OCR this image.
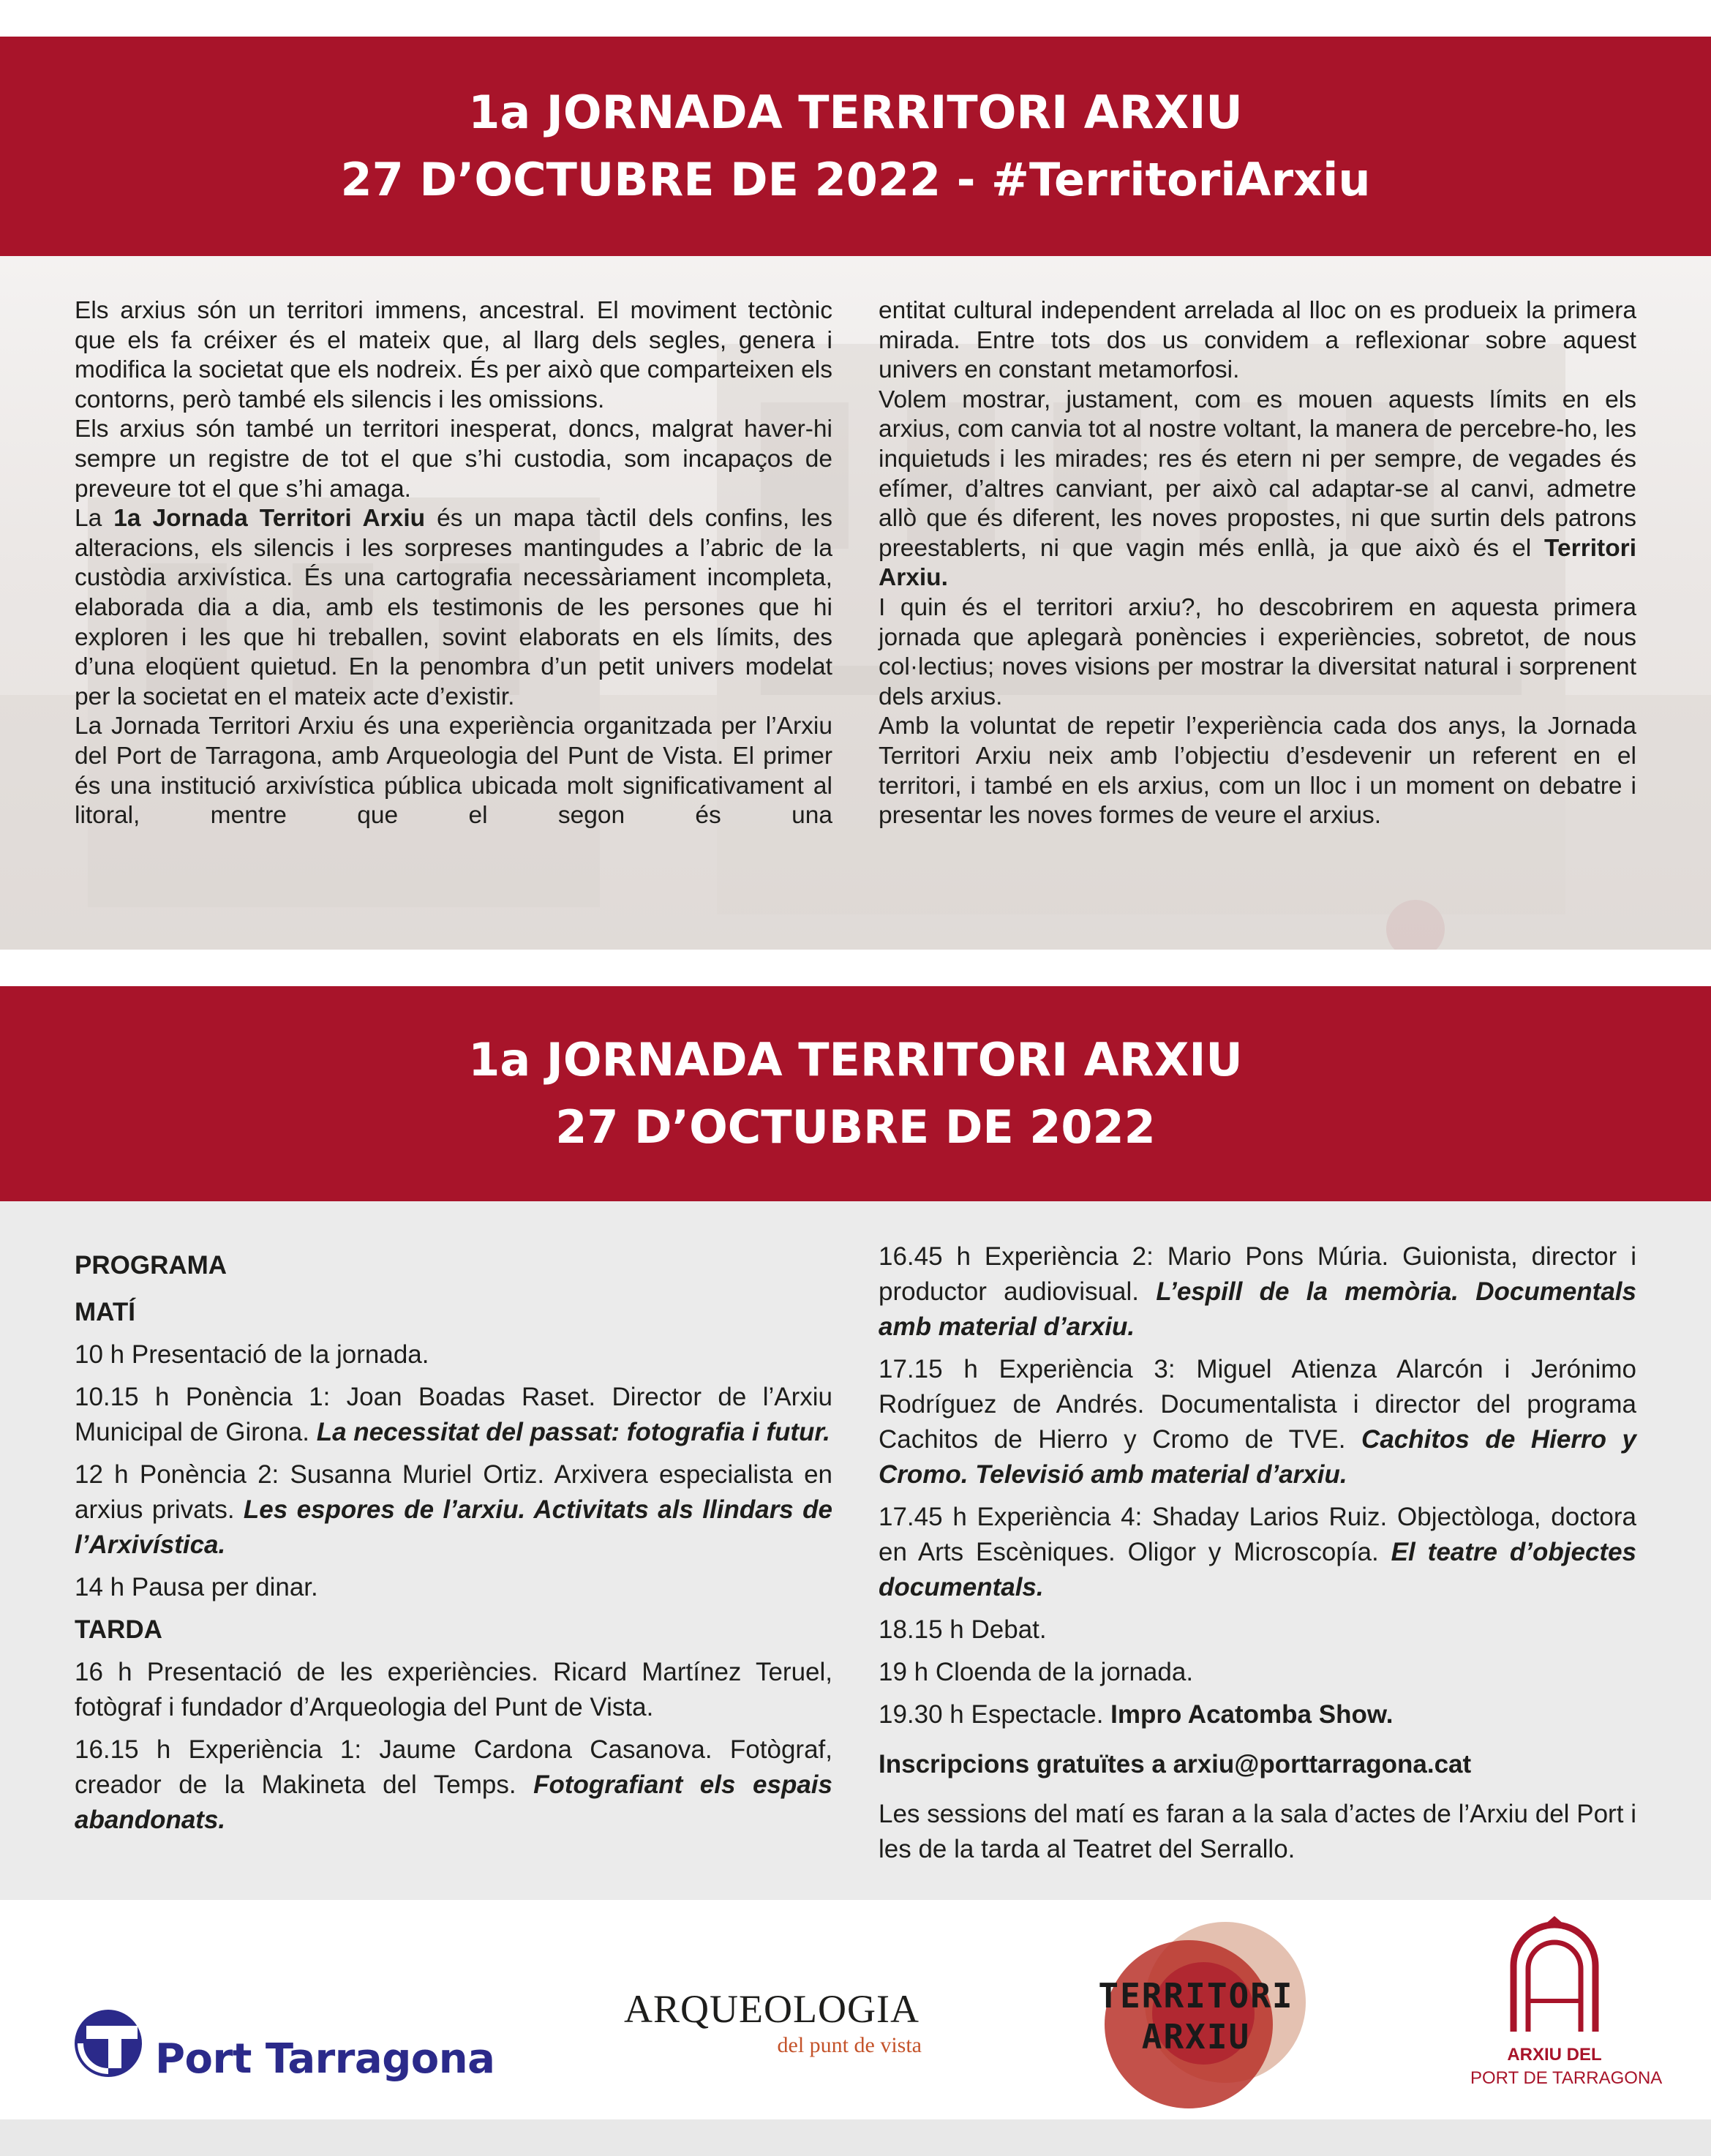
1a JORNADA TERRITORI ARXIU
27 D’OCTUBRE DE 2022 - #TerritoriArxiu

Els arxius són un territori immens, ancestral. El moviment tectònic que els fa créixer és el mateix que, al llarg dels segles, genera i modifica la societat que els nodreix. És per això que comparteixen els contorns, però també els silencis i les omissions.

Els arxius són també un territori inesperat, doncs, malgrat haver-hi sempre un registre de tot el que s’hi custodia, som incapaços de preveure tot el que s’hi amaga.

La 1a Jornada Territori Arxiu és un mapa tàctil dels confins, les alteracions, els silencis i les sorpreses mantingudes a l’abric de la custòdia arxivística. És una cartografia necessàriament incompleta, elaborada dia a dia, amb els testimonis de les persones que hi exploren i les que hi treballen, sovint elaborats en els límits, des d’una eloqüent quietud. En la penombra d’un petit univers modelat per la societat en el mateix acte d’existir.

La Jornada Territori Arxiu és una experiència organitzada per l’Arxiu del Port de Tarragona, amb Arqueologia del Punt de Vista. El primer és una institució arxivística pública ubicada molt significativament al litoral, mentre que el segon és una

entitat cultural independent arrelada al lloc on es produeix la primera mirada. Entre tots dos us convidem a reflexionar sobre aquest univers en constant metamorfosi.

Volem mostrar, justament, com es mouen aquests límits en els arxius, com canvia tot al nostre voltant, la manera de percebre-ho, les inquietuds i les mirades; res és etern ni per sempre, de vegades és efímer, d’altres canviant, per això cal adaptar-se al canvi, admetre allò que és diferent, les noves propostes, ni que surtin dels patrons preestablerts, ni que vagin més enllà, ja que això és el Territori Arxiu.

I quin és el territori arxiu?, ho descobrirem en aquesta primera jornada que aplegarà ponències i experiències, sobretot, de nous col·lectius; noves visions per mostrar la diversitat natural i sorprenent dels arxius.

Amb la voluntat de repetir l’experiència cada dos anys, la Jornada Territori Arxiu neix amb l’objectiu d’esdevenir un referent en el territori, i també en els arxius, com un lloc i un moment on debatre i presentar les noves formes de veure el arxius.

1a JORNADA TERRITORI ARXIU
27 D’OCTUBRE DE 2022

PROGRAMA

MATÍ

10 h Presentació de la jornada.

10.15 h Ponència 1: Joan Boadas Raset. Director de l’Arxiu Municipal de Girona. La necessitat del passat: fotografia i futur.

12 h Ponència 2: Susanna Muriel Ortiz. Arxivera especialista en arxius privats. Les espores de l’arxiu. Activitats als llindars de l’Arxivística.

14 h Pausa per dinar.

TARDA

16 h Presentació de les experiències. Ricard Martínez Teruel, fotògraf i fundador d’Arqueologia del Punt de Vista.

16.15 h Experiència 1: Jaume Cardona Casanova. Fotògraf, creador de la Makineta del Temps. Fotografiant els espais abandonats.

16.45 h Experiència 2: Mario Pons Múria. Guionista, director i productor audiovisual. L’espill de la memòria. Documentals amb material d’arxiu.

17.15 h Experiència 3: Miguel Atienza Alarcón i Jerónimo Rodríguez de Andrés. Documentalista i director del programa Cachitos de Hierro y Cromo de TVE. Cachitos de Hierro y Cromo. Televisió amb material d’arxiu.

17.45 h Experiència 4: Shaday Larios Ruiz. Objectòloga, doctora en Arts Escèniques. Oligor y Microscopía. El teatre d’objectes documentals.

18.15 h Debat.

19 h Cloenda de la jornada.

19.30 h Espectacle. Impro Acatomba Show.

Inscripcions gratuïtes a arxiu@porttarragona.cat

Les sessions del matí es faran a la sala d’actes de l’Arxiu del Port i les de la tarda al Teatret del Serrallo.

Port Tarragona
ARQUEOLOGIA
del punt de vista
TERRITORI
ARXIU	ARXIU DEL
PORT DE TARRAGONA
